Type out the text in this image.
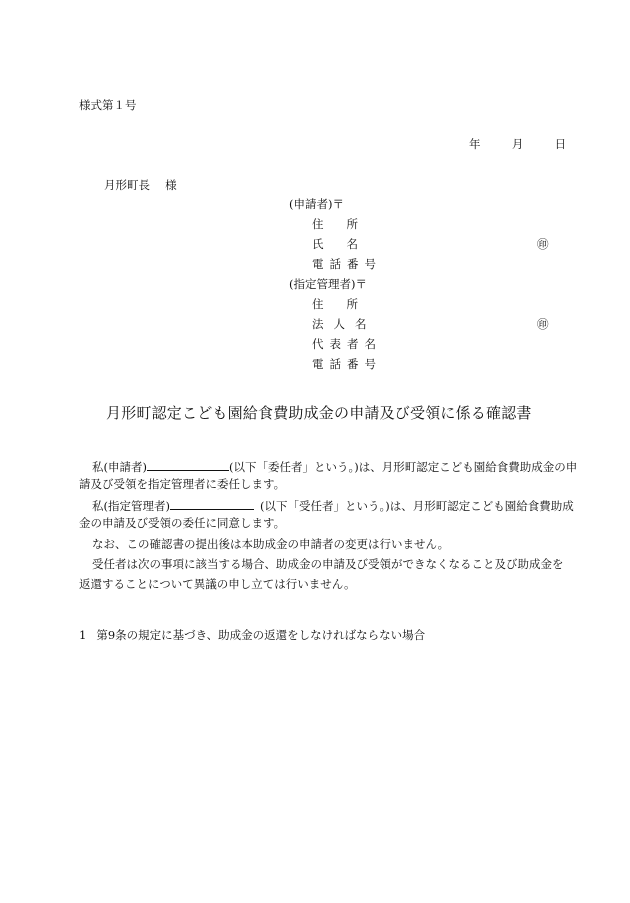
様式第１号
年	月	日
月形町長　 様
(申請者)〒
住　　所
氏　　名	㊞
電話番号
(指定管理者)〒
住　　所
法人名	㊞
代表者名
電話番号
月形町認定こども園給食費助成金の申請及び受領に係る確認書
私(申請者)	(以下「委任者」という。)は、月形町認定こども園給食費助成金の申
請及び受領を指定管理者に委任します。
私(指定管理者)	(以下「受任者」という。)は、月形町認定こども園給食費助成
金の申請及び受領の委任に同意します。
なお、この確認書の提出後は本助成金の申請者の変更は行いません。
受任者は次の事項に該当する場合、助成金の申請及び受領ができなくなること及び助成金を
返還することについて異議の申し立ては行いません。
1 第9条の規定に基づき、助成金の返還をしなければならない場合
